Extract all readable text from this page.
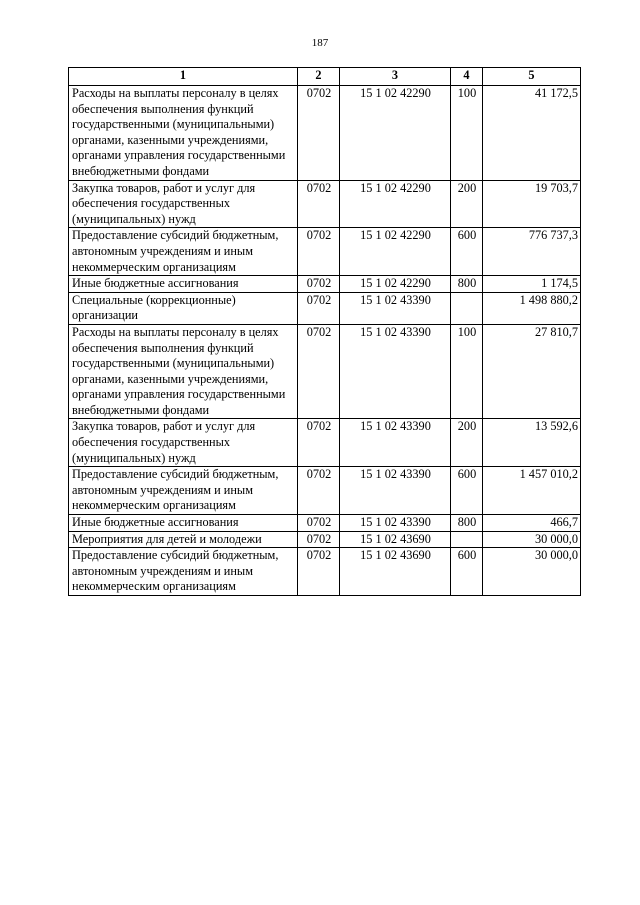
187
1	2	3	4	5
Расходы на выплаты персоналу в целях обеспечения выполнения функций государственными (муниципальными) органами, казенными учреждениями, органами управления государственными внебюджетными фондами	0702	15 1 02 42290	100	41 172,5
Закупка товаров, работ и услуг для обеспечения государственных (муниципальных) нужд	0702	15 1 02 42290	200	19 703,7
Предоставление субсидий бюджетным, автономным учреждениям и иным некоммерческим организациям	0702	15 1 02 42290	600	776 737,3
Иные бюджетные ассигнования	0702	15 1 02 42290	800	1 174,5
Специальные (коррекционные) организации	0702	15 1 02 43390		1 498 880,2
Расходы на выплаты персоналу в целях обеспечения выполнения функций государственными (муниципальными) органами, казенными учреждениями, органами управления государственными внебюджетными фондами	0702	15 1 02 43390	100	27 810,7
Закупка товаров, работ и услуг для обеспечения государственных (муниципальных) нужд	0702	15 1 02 43390	200	13 592,6
Предоставление субсидий бюджетным, автономным учреждениям и иным некоммерческим организациям	0702	15 1 02 43390	600	1 457 010,2
Иные бюджетные ассигнования	0702	15 1 02 43390	800	466,7
Мероприятия для детей и молодежи	0702	15 1 02 43690		30 000,0
Предоставление субсидий бюджетным, автономным учреждениям и иным некоммерческим организациям	0702	15 1 02 43690	600	30 000,0
